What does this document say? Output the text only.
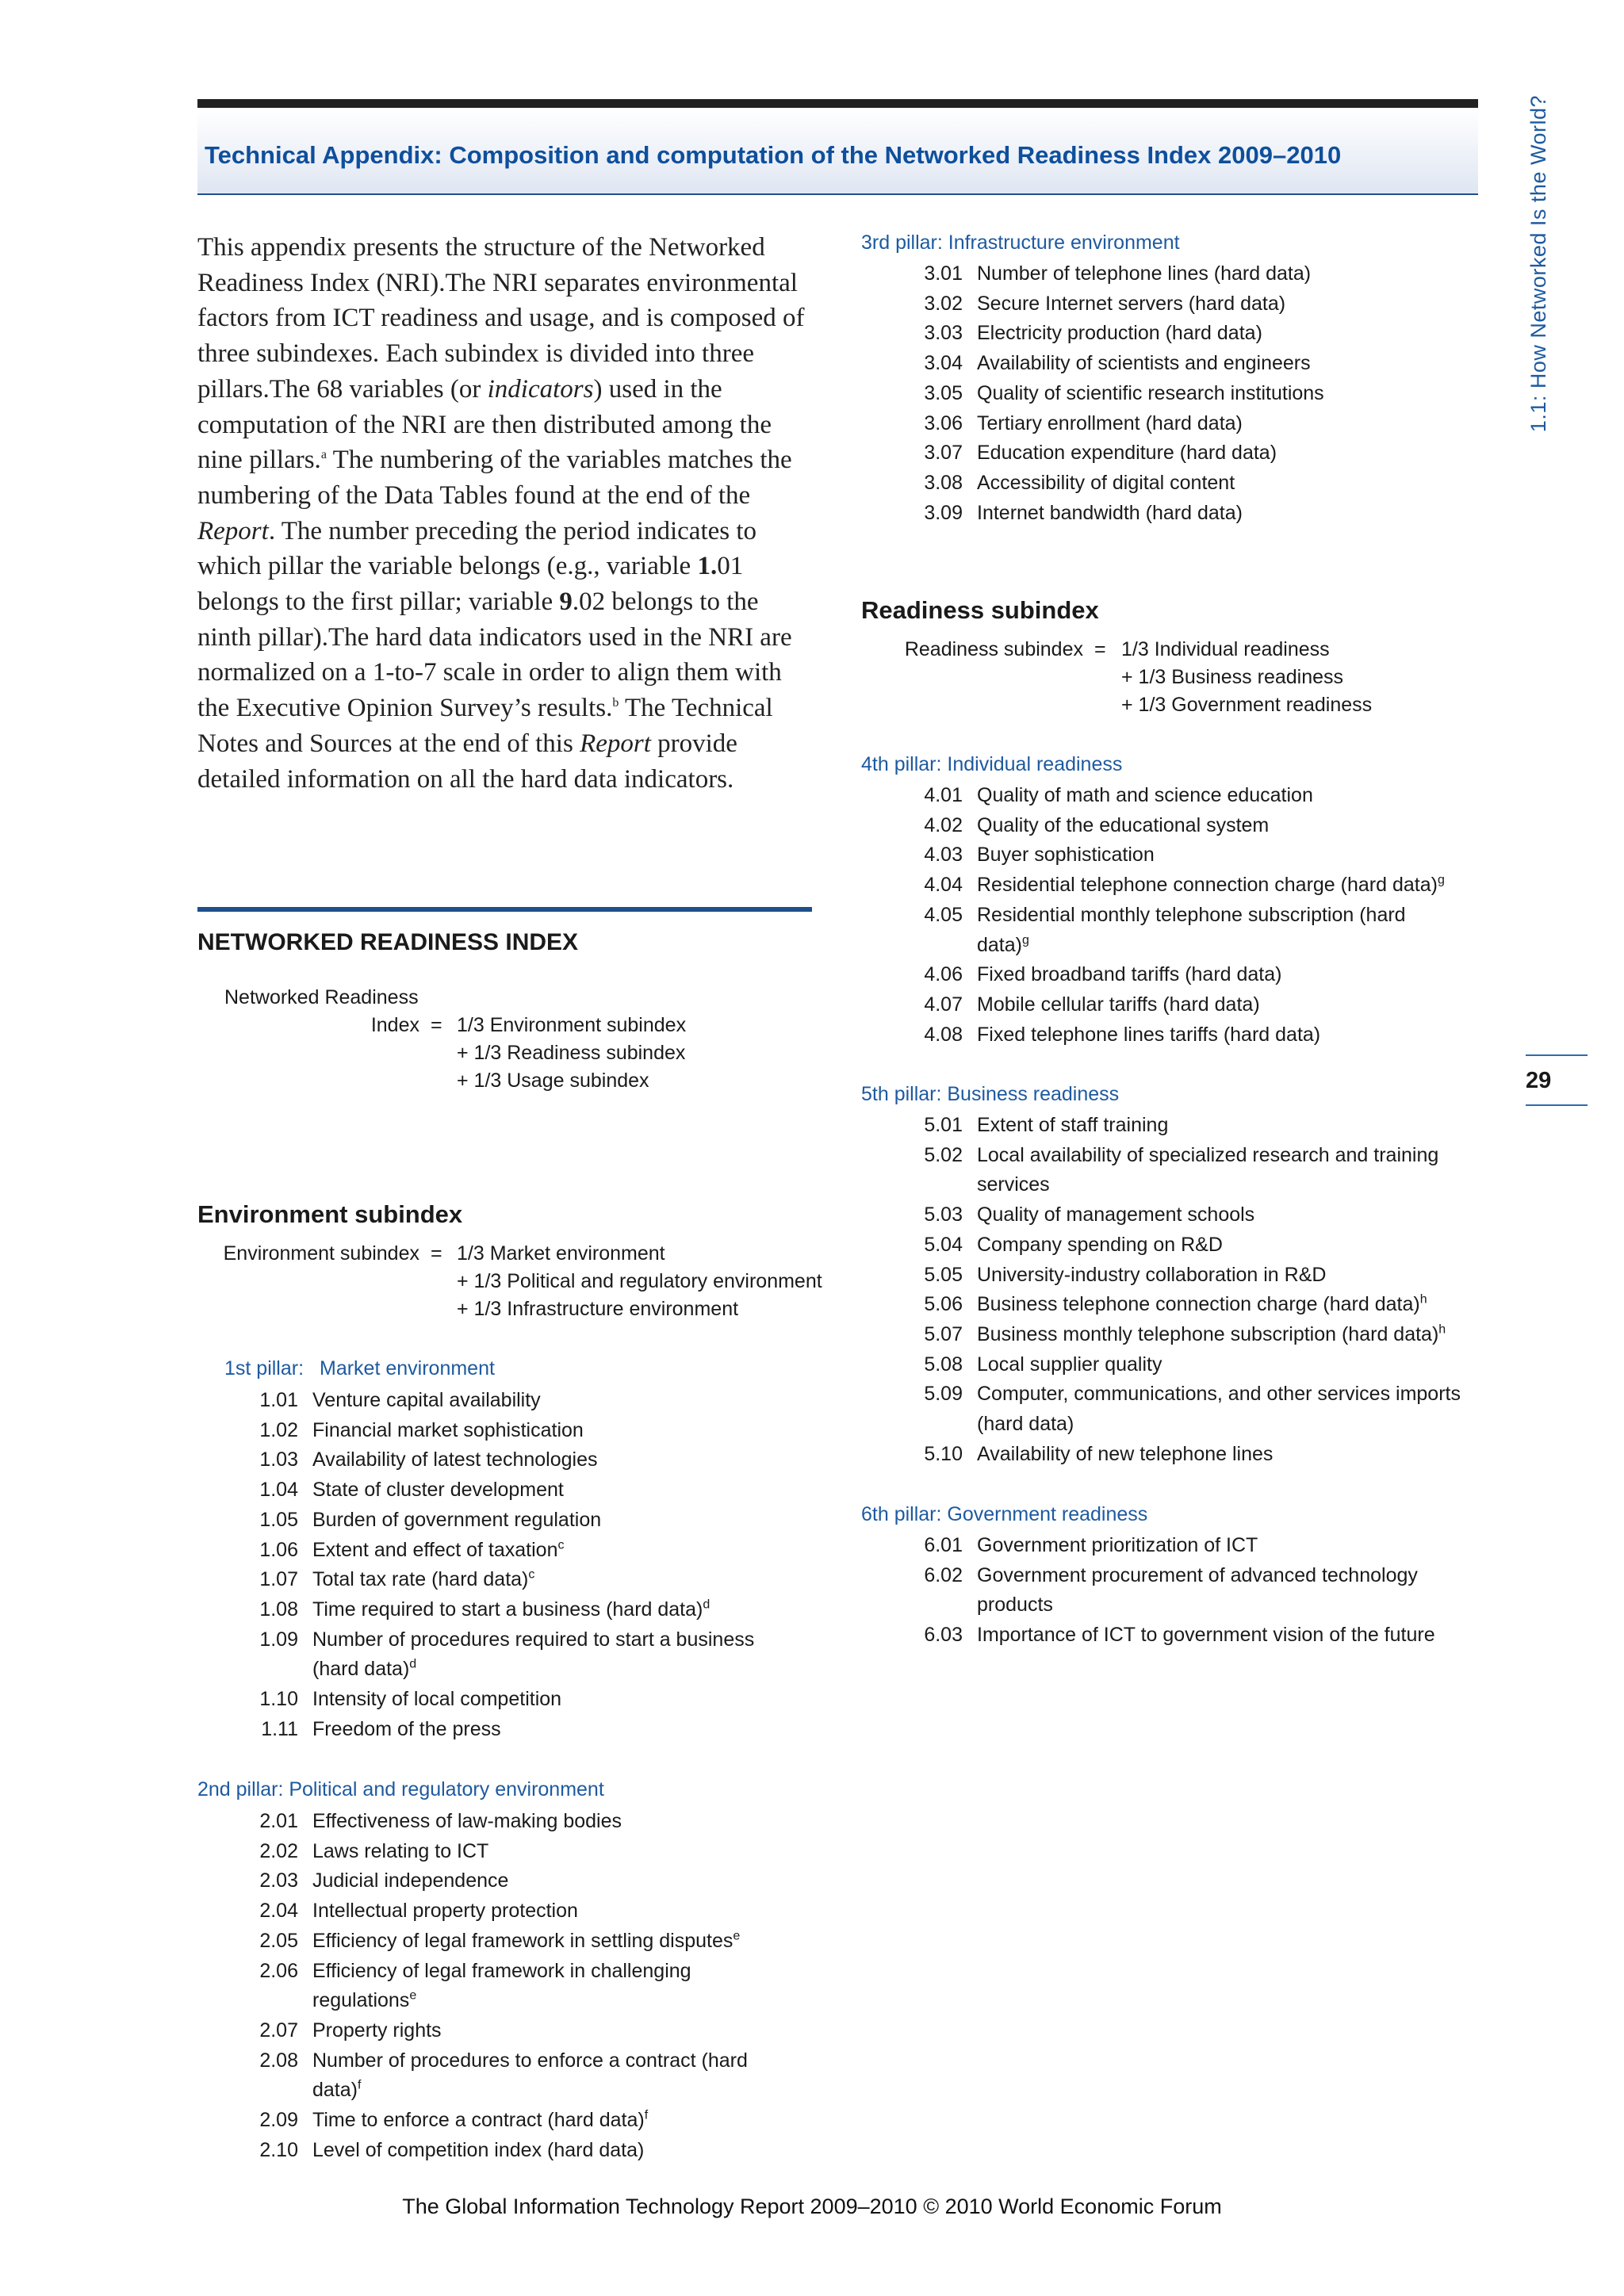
Technical Appendix: Composition and computation of the Networked Readiness Index 2009–2010	1.1: How Networked Is the World?
29

This appendix presents the structure of the Networked Readiness Index (NRI).The NRI separates environmental factors from ICT readiness and usage, and is composed of three subindexes. Each subindex is divided into three pillars.The 68 variables (or indicators) used in the computation of the NRI are then distributed among the nine pillars.$^a$ The numbering of the variables matches the numbering of the Data Tables found at the end of the Report. The number preceding the period indicates to which pillar the variable belongs (e.g., variable 1.01 belongs to the first pillar; variable 9.02 belongs to the ninth pillar).The hard data indicators used in the NRI are normalized on a 1-to-7 scale in order to align them with the Executive Opinion Survey’s results.$^b$ The Technical Notes and Sources at the end of this Report provide detailed information on all the hard data indicators.

NETWORKED READINESS INDEX
Networked Readiness
Index = 1/3 Environment subindex
+ 1/3 Readiness subindex
+ 1/3 Usage subindex
Environment subindex
Environment subindex = 1/3 Market environment
+ 1/3 Political and regulatory environment
+ 1/3 Infrastructure environment
1st pillar: Market environment
1.01 Venture capital availability
1.02 Financial market sophistication
1.03 Availability of latest technologies
1.04 State of cluster development
1.05 Burden of government regulation
1.06 Extent and effect of taxation$^c$
1.07 Total tax rate (hard data)$^c$
1.08 Time required to start a business (hard data)$^d$
1.09 Number of procedures required to start a business (hard data)$^d$
1.10 Intensity of local competition
1.11 Freedom of the press
2nd pillar: Political and regulatory environment
2.01 Effectiveness of law-making bodies
2.02 Laws relating to ICT
2.03 Judicial independence
2.04 Intellectual property protection
2.05 Efficiency of legal framework in settling disputes$^e$
2.06 Efficiency of legal framework in challenging regulations$^e$
2.07 Property rights
2.08 Number of procedures to enforce a contract (hard data)$^f$
2.09 Time to enforce a contract (hard data)$^f$
2.10 Level of competition index (hard data)
3rd pillar: Infrastructure environment
3.01 Number of telephone lines (hard data)
3.02 Secure Internet servers (hard data)
3.03 Electricity production (hard data)
3.04 Availability of scientists and engineers
3.05 Quality of scientific research institutions
3.06 Tertiary enrollment (hard data)
3.07 Education expenditure (hard data)
3.08 Accessibility of digital content
3.09 Internet bandwidth (hard data)
Readiness subindex
Readiness subindex = 1/3 Individual readiness
+ 1/3 Business readiness
+ 1/3 Government readiness
4th pillar: Individual readiness
4.01 Quality of math and science education
4.02 Quality of the educational system
4.03 Buyer sophistication
4.04 Residential telephone connection charge (hard data)$^g$
4.05 Residential monthly telephone subscription (hard data)$^g$
4.06 Fixed broadband tariffs (hard data)
4.07 Mobile cellular tariffs (hard data)
4.08 Fixed telephone lines tariffs (hard data)
5th pillar: Business readiness
5.01 Extent of staff training
5.02 Local availability of specialized research and training services
5.03 Quality of management schools
5.04 Company spending on R&D
5.05 University-industry collaboration in R&D
5.06 Business telephone connection charge (hard data)$^h$
5.07 Business monthly telephone subscription (hard data)$^h$
5.08 Local supplier quality
5.09 Computer, communications, and other services imports (hard data)
5.10 Availability of new telephone lines
6th pillar: Government readiness
6.01 Government prioritization of ICT
6.02 Government procurement of advanced technology products
6.03 Importance of ICT to government vision of the future
The Global Information Technology Report 2009–2010 © 2010 World Economic Forum
